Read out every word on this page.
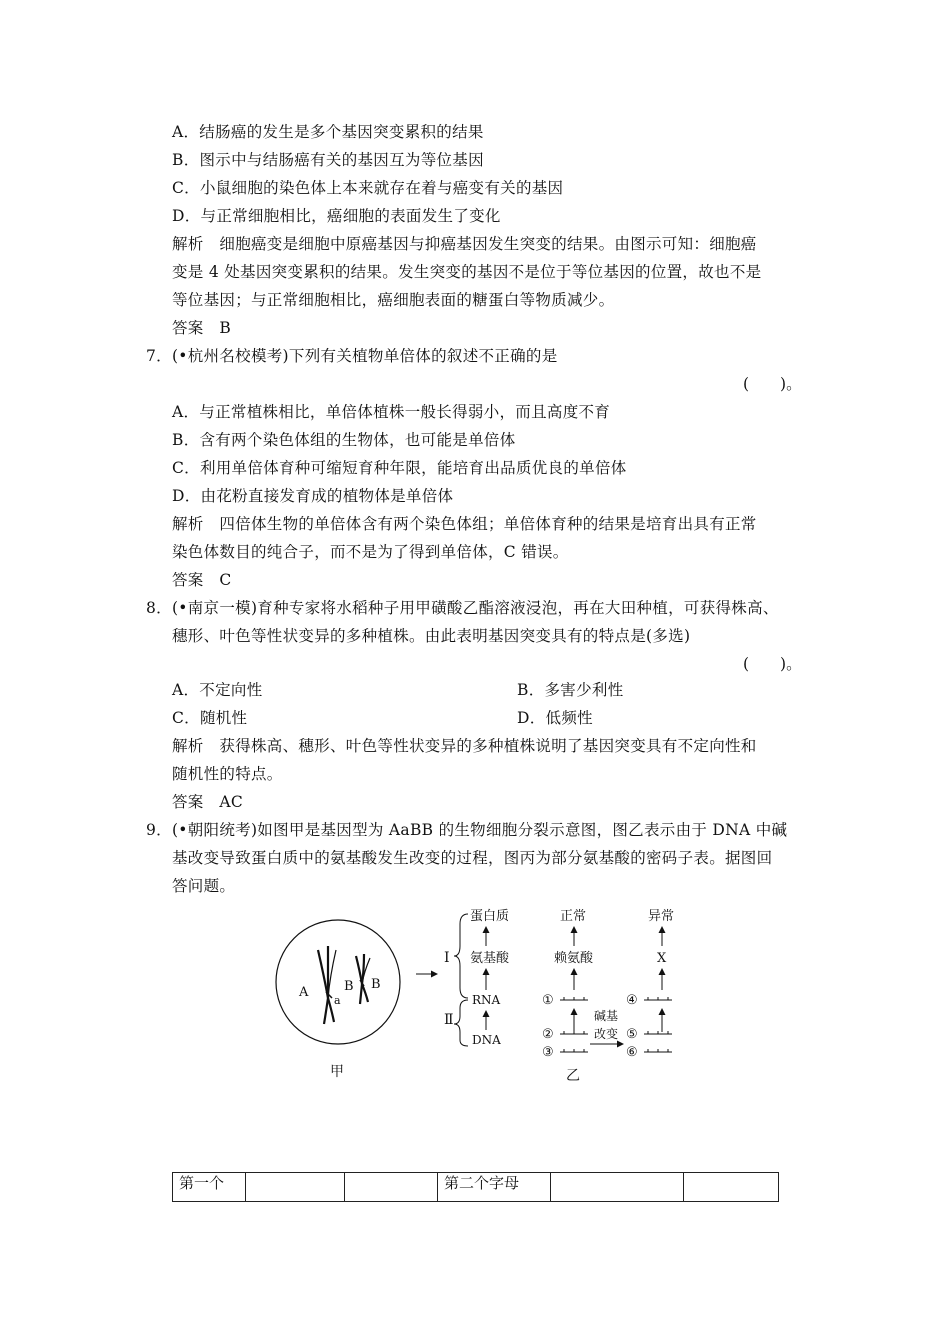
A．结肠癌的发生是多个基因突变累积的结果
B．图示中与结肠癌有关的基因互为等位基因
C．小鼠细胞的染色体上本来就存在着与癌变有关的基因
D．与正常细胞相比，癌细胞的表面发生了变化
解析　细胞癌变是细胞中原癌基因与抑癌基因发生突变的结果。由图示可知：细胞癌
变是 4 处基因突变累积的结果。发生突变的基因不是位于等位基因的位置，故也不是
等位基因；与正常细胞相比，癌细胞表面的糖蛋白等物质减少。
答案　B
7．(•杭州名校模考)下列有关植物单倍体的叙述不正确的是
(　　)。
A．与正常植株相比，单倍体植株一般长得弱小，而且高度不育
B．含有两个染色体组的生物体，也可能是单倍体
C．利用单倍体育种可缩短育种年限，能培育出品质优良的单倍体
D．由花粉直接发育成的植物体是单倍体
解析　四倍体生物的单倍体含有两个染色体组；单倍体育种的结果是培育出具有正常
染色体数目的纯合子，而不是为了得到单倍体，C 错误。
答案　C
8．(•南京一模)育种专家将水稻种子用甲磺酸乙酯溶液浸泡，再在大田种植，可获得株高、
穗形、叶色等性状变异的多种植株。由此表明基因突变具有的特点是(多选)
(　　)。
A．不定向性	B．多害少利性
C．随机性	D．低频性
解析　获得株高、穗形、叶色等性状变异的多种植株说明了基因突变具有不定向性和
随机性的特点。
答案　AC
9．(•朝阳统考)如图甲是基因型为 AaBB 的生物细胞分裂示意图，图乙表示由于 DNA 中碱
基改变导致蛋白质中的氨基酸发生改变的过程，图丙为部分氨基酸的密码子表。据图回
答问题。
A
a
B B
甲
Ⅰ
Ⅱ
蛋白质
氨基酸
RNA
DNA
正常
赖氨酸
①
②
③
碱基
改变
异常
X
④
⑤
⑥
乙
第一个			第二个字母		
